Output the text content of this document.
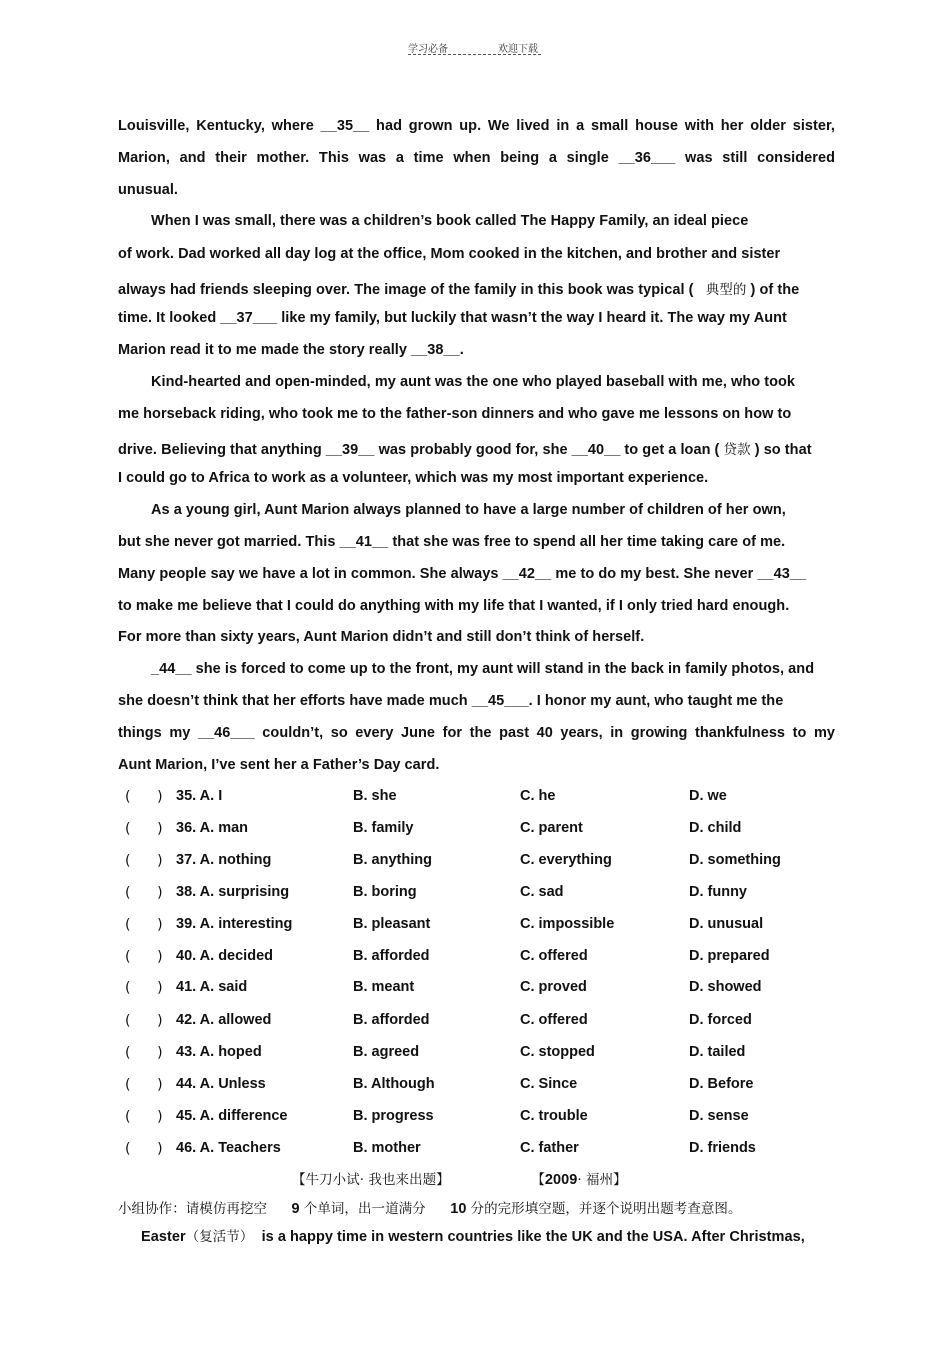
学习必备	欢迎下载
Louisville, Kentucky, where __35__ had grown up. We lived in a small house with her older sister,
Marion, and their mother. This was a time when being a single __36___ was still considered
unusual.
When I was small, there was a children’s book called The Happy Family, an ideal piece
of work. Dad worked all day log at the office, Mom cooked in the kitchen, and brother and sister
always had friends sleeping over. The image of the family in this book was typical ( 典型的 ) of the
time. It looked __37___ like my family, but luckily that wasn’t the way I heard it. The way my Aunt
Marion read it to me made the story really __38__.
Kind-hearted and open-minded, my aunt was the one who played baseball with me, who took
me horseback riding, who took me to the father-son dinners and who gave me lessons on how to
drive. Believing that anything __39__ was probably good for, she __40__ to get a loan ( 贷款 ) so that
I could go to Africa to work as a volunteer, which was my most important experience.
As a young girl, Aunt Marion always planned to have a large number of children of her own,
but she never got married. This __41__ that she was free to spend all her time taking care of me.
Many people say we have a lot in common. She always __42__ me to do my best. She never __43__
to make me believe that I could do anything with my life that I wanted, if I only tried hard enough.
For more than sixty years, Aunt Marion didn’t and still don’t think of herself.
_44__ she is forced to come up to the front, my aunt will stand in the back in family photos, and
she doesn’t think that her efforts have made much __45___. I honor my aunt, who taught me the
things my __46___ couldn’t, so every June for the past 40 years, in growing thankfulness to my
Aunt Marion, I’ve sent her a Father’s Day card.
(      ) 35. A. I	B. she	C. he	D. we
(      ) 36. A. man	B. family	C. parent	D. child
(      ) 37. A. nothing	B. anything	C. everything	D. something
(      ) 38. A. surprising	B. boring	C. sad	D. funny
(      ) 39. A. interesting	B. pleasant	C. impossible	D. unusual
(      ) 40. A. decided	B. afforded	C. offered	D. prepared
(      ) 41. A. said	B. meant	C. proved	D. showed
(      ) 42. A. allowed	B. afforded	C. offered	D. forced
(      ) 43. A. hoped	B. agreed	C. stopped	D. tailed
(      ) 44. A. Unless	B. Although	C. Since	D. Before
(      ) 45. A. difference	B. progress	C. trouble	D. sense
(      ) 46. A. Teachers	B. mother	C. father	D. friends
【牛刀小试· 我也来出题】	【2009· 福州】
小组协作：请模仿再挖空 9 个单词，出一道满分 10 分的完形填空题，并逐个说明出题考查意图。
Easter（复活节） is a happy time in western countries like the UK and the USA. After Christmas,
